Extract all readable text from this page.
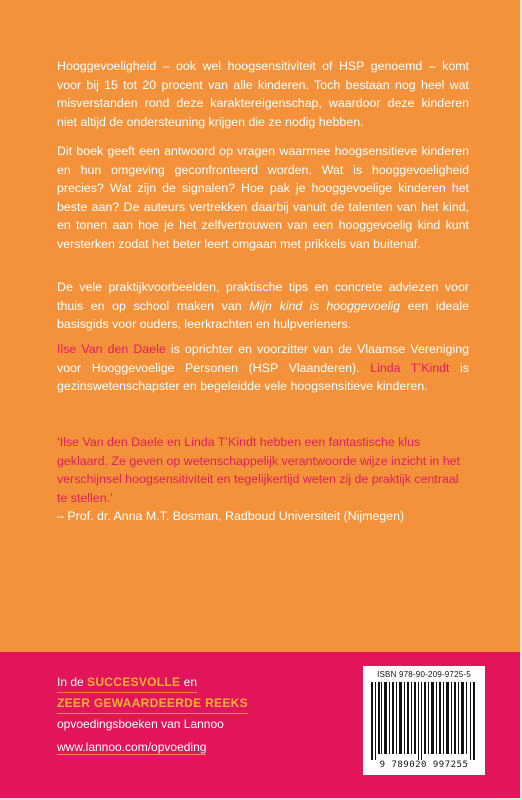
Hooggevoeligheid – ook wel hoogsensitiviteit of HSP genoemd – komt voor bij 15 tot 20 procent van alle kinderen. Toch bestaan nog heel wat misverstanden rond deze karaktereigenschap, waardoor deze kinderen niet altijd de ondersteuning krijgen die ze nodig hebben.

Dit boek geeft een antwoord op vragen waarmee hoogsensitieve kinderen en hun omgeving geconfronteerd worden. Wat is hooggevoeligheid precies? Wat zijn de signalen? Hoe pak je hooggevoelige kinderen het beste aan? De auteurs vertrekken daarbij vanuit de talenten van het kind, en tonen aan hoe je het zelfvertrouwen van een hooggevoelig kind kunt versterken zodat het beter leert omgaan met prikkels van buitenaf.

De vele praktijkvoorbeelden, praktische tips en concrete adviezen voor thuis en op school maken van Mijn kind is hooggevoelig een ideale basisgids voor ouders, leerkrachten en hulpverleners.

Ilse Van den Daele is oprichter en voorzitter van de Vlaamse Vereniging voor Hooggevoelige Personen (HSP Vlaanderen). Linda T’Kindt is gezinswetenschapster en begeleidde vele hoogsensitieve kinderen.

‘Ilse Van den Daele en Linda T’Kindt hebben een fantastische klus geklaard. Ze geven op wetenschappelijk verantwoorde wijze inzicht in het verschijnsel hoogsensitiviteit en tegelijkertijd weten zij de praktijk centraal te stellen.’
– Prof. dr. Anna M.T. Bosman, Radboud Universiteit (Nijmegen)
In de SUCCESVOLLE en
ZEER GEWAARDEERDE REEKS
opvoedingsboeken van Lannoo
www.lannoo.com/opvoeding
ISBN 978-90-209-9725-5
9 789020 997255
